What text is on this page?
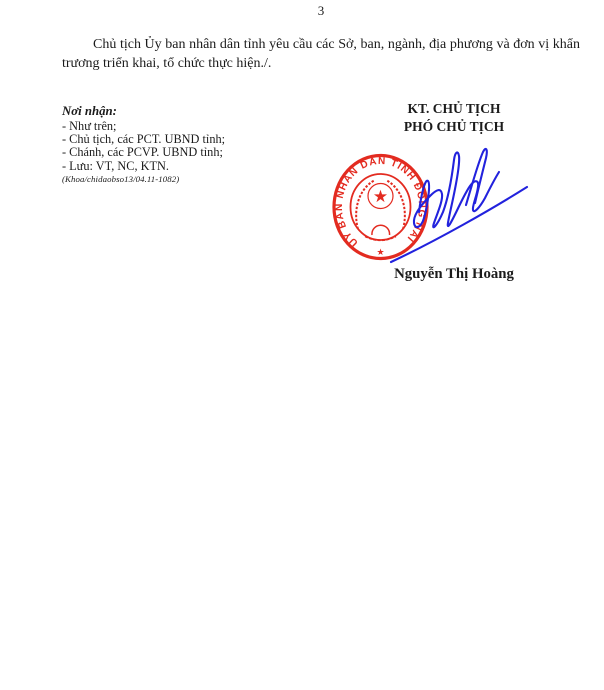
3
Chủ tịch Ủy ban nhân dân tỉnh yêu cầu các Sở, ban, ngành, địa phương và đơn vị khẩn trương triển khai, tổ chức thực hiện./.
Nơi nhận:
- Như trên;
- Chủ tịch, các PCT. UBND tỉnh;
- Chánh, các PCVP. UBND tỉnh;
- Lưu: VT, NC, KTN.
(Khoa/chidaobso13/04.11-1082)
KT. CHỦ TỊCH
PHÓ CHỦ TỊCH
ỦY BAN NHÂN DÂN TỈNH ĐỒNG NAI
★
★
Nguyễn Thị Hoàng
